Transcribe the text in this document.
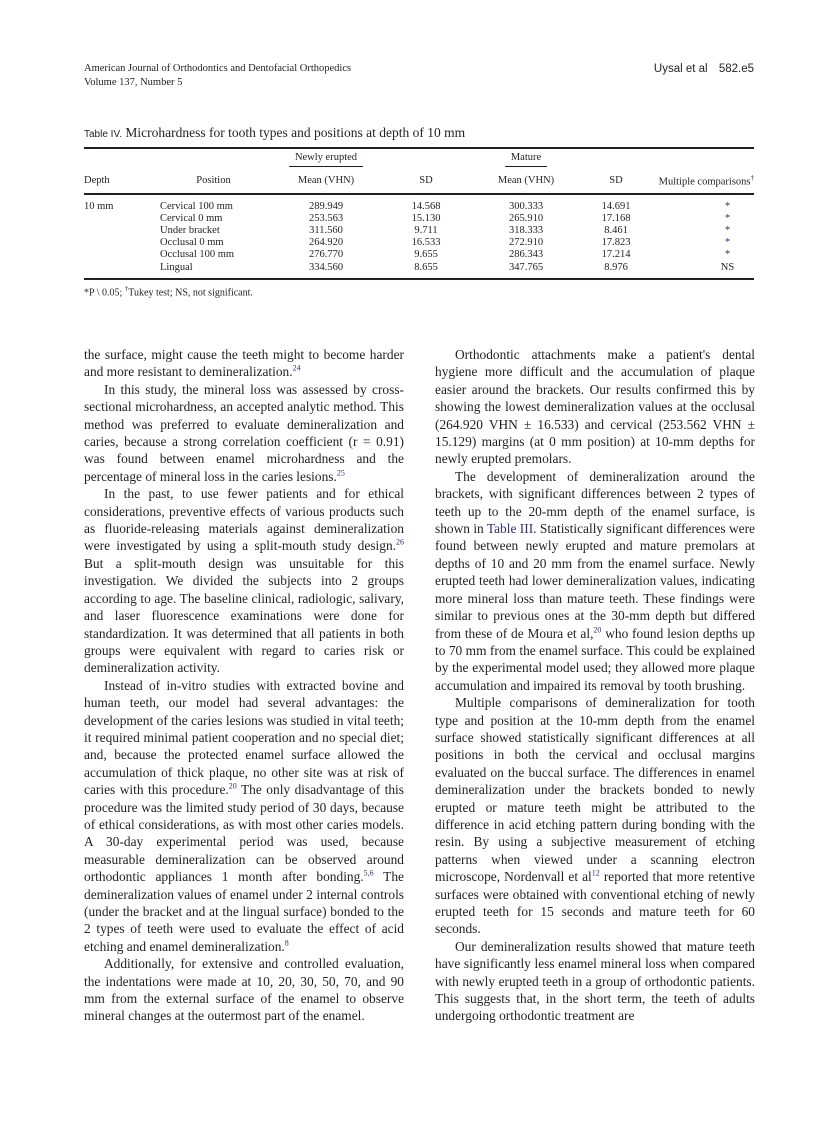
American Journal of Orthodontics and Dentofacial Orthopedics
Volume 137, Number 5
Uysal et al 582.e5
Table IV. Microhardness for tooth types and positions at depth of 10 mm
		Newly erupted		Mature		
Depth	Position	Mean (VHN)	SD	Mean (VHN)	SD	Multiple comparisons†
10 mm	Cervical 100 mm	289.949	14.568	300.333	14.691	*
	Cervical 0 mm	253.563	15.130	265.910	17.168	*
	Under bracket	311.560	9.711	318.333	8.461	*
	Occlusal 0 mm	264.920	16.533	272.910	17.823	*
	Occlusal 100 mm	276.770	9.655	286.343	17.214	*
	Lingual	334.560	8.655	347.765	8.976	NS
*P \ 0.05; †Tukey test; NS, not significant.

the surface, might cause the teeth might to become harder and more resistant to demineralization.$^{24}$

In this study, the mineral loss was assessed by cross-sectional microhardness, an accepted analytic method. This method was preferred to evaluate demineralization and caries, because a strong correlation coefficient (r = 0.91) was found between enamel microhardness and the percentage of mineral loss in the caries lesions.$^{25}$

In the past, to use fewer patients and for ethical considerations, preventive effects of various products such as fluoride-releasing materials against demineralization were investigated by using a split-mouth study design.$^{26}$ But a split-mouth design was unsuitable for this investigation. We divided the subjects into 2 groups according to age. The baseline clinical, radiologic, salivary, and laser fluorescence examinations were done for standardization. It was determined that all patients in both groups were equivalent with regard to caries risk or demineralization activity.

Instead of in-vitro studies with extracted bovine and human teeth, our model had several advantages: the development of the caries lesions was studied in vital teeth; it required minimal patient cooperation and no special diet; and, because the protected enamel surface allowed the accumulation of thick plaque, no other site was at risk of caries with this procedure.$^{20}$ The only disadvantage of this procedure was the limited study period of 30 days, because of ethical considerations, as with most other caries models. A 30-day experimental period was used, because measurable demineralization can be observed around orthodontic appliances 1 month after bonding.$^{5,6}$ The demineralization values of enamel under 2 internal controls (under the bracket and at the lingual surface) bonded to the 2 types of teeth were used to evaluate the effect of acid etching and enamel demineralization.$^8$

Additionally, for extensive and controlled evaluation, the indentations were made at 10, 20, 30, 50, 70, and 90 mm from the external surface of the enamel to observe mineral changes at the outermost part of the enamel.

Orthodontic attachments make a patient's dental hygiene more difficult and the accumulation of plaque easier around the brackets. Our results confirmed this by showing the lowest demineralization values at the occlusal (264.920 VHN ± 16.533) and cervical (253.562 VHN ± 15.129) margins (at 0 mm position) at 10-mm depths for newly erupted premolars.

The development of demineralization around the brackets, with significant differences between 2 types of teeth up to the 20-mm depth of the enamel surface, is shown in Table III. Statistically significant differences were found between newly erupted and mature premolars at depths of 10 and 20 mm from the enamel surface. Newly erupted teeth had lower demineralization values, indicating more mineral loss than mature teeth. These findings were similar to previous ones at the 30-mm depth but differed from these of de Moura et al,$^{20}$ who found lesion depths up to 70 mm from the enamel surface. This could be explained by the experimental model used; they allowed more plaque accumulation and impaired its removal by tooth brushing.

Multiple comparisons of demineralization for tooth type and position at the 10-mm depth from the enamel surface showed statistically significant differences at all positions in both the cervical and occlusal margins evaluated on the buccal surface. The differences in enamel demineralization under the brackets bonded to newly erupted or mature teeth might be attributed to the difference in acid etching pattern during bonding with the resin. By using a subjective measurement of etching patterns when viewed under a scanning electron microscope, Nordenvall et $al^{12}$ reported that more retentive surfaces were obtained with conventional etching of newly erupted teeth for 15 seconds and mature teeth for 60 seconds.

Our demineralization results showed that mature teeth have significantly less enamel mineral loss when compared with newly erupted teeth in a group of orthodontic patients. This suggests that, in the short term, the teeth of adults undergoing orthodontic treatment are
